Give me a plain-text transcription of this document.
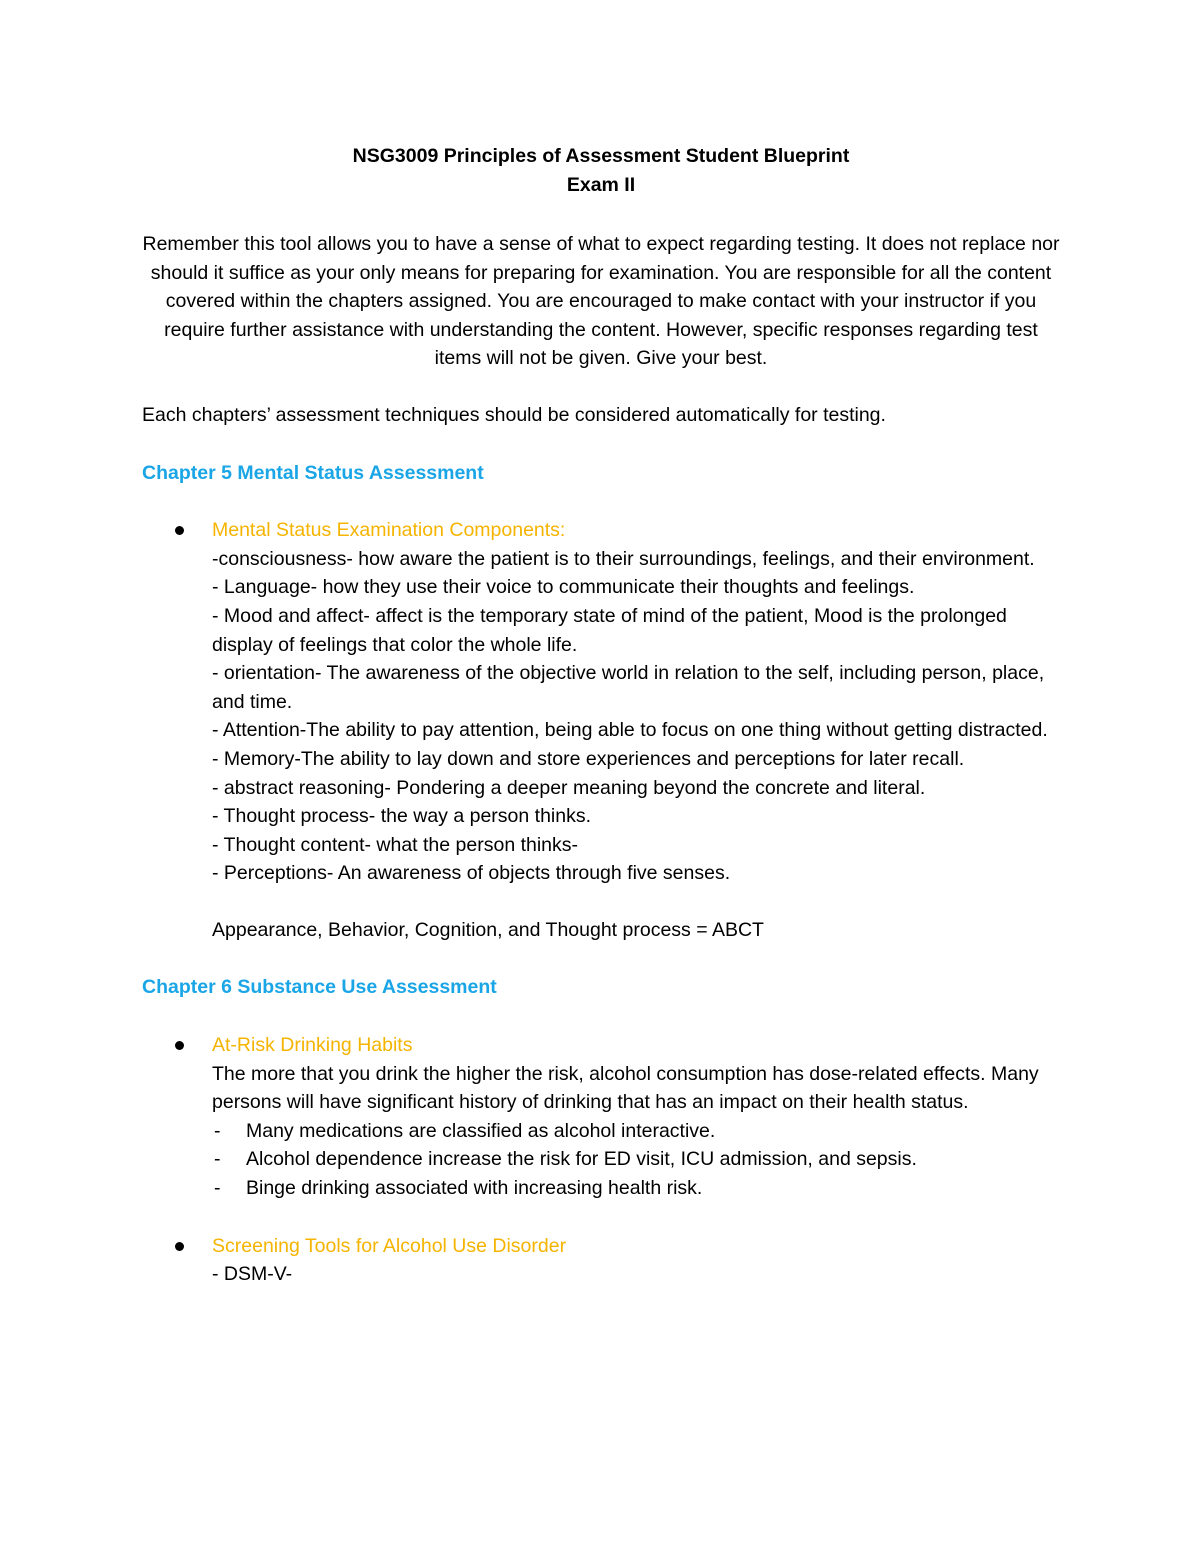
NSG3009 Principles of Assessment Student Blueprint
Exam II
Remember this tool allows you to have a sense of what to expect regarding testing. It does not replace nor should it suffice as your only means for preparing for examination. You are responsible for all the content covered within the chapters assigned. You are encouraged to make contact with your instructor if you require further assistance with understanding the content. However, specific responses regarding test items will not be given. Give your best.
Each chapters’ assessment techniques should be considered automatically for testing.
Chapter 5 Mental Status Assessment
Mental Status Examination Components:
-consciousness- how aware the patient is to their surroundings, feelings, and their environment.
- Language- how they use their voice to communicate their thoughts and feelings.
- Mood and affect- affect is the temporary state of mind of the patient, Mood is the prolonged display of feelings that color the whole life.
- orientation- The awareness of the objective world in relation to the self, including person, place, and time.
- Attention-The ability to pay attention, being able to focus on one thing without getting distracted.
- Memory-The ability to lay down and store experiences and perceptions for later recall.
- abstract reasoning- Pondering a deeper meaning beyond the concrete and literal.
- Thought process- the way a person thinks.
- Thought content- what the person thinks-
- Perceptions- An awareness of objects through five senses.
Appearance, Behavior, Cognition, and Thought process = ABCT
Chapter 6 Substance Use Assessment
At-Risk Drinking Habits
The more that you drink the higher the risk, alcohol consumption has dose-related effects. Many persons will have significant history of drinking that has an impact on their health status.
- Many medications are classified as alcohol interactive.
- Alcohol dependence increase the risk for ED visit, ICU admission, and sepsis.
- Binge drinking associated with increasing health risk.
Screening Tools for Alcohol Use Disorder
- DSM-V-
